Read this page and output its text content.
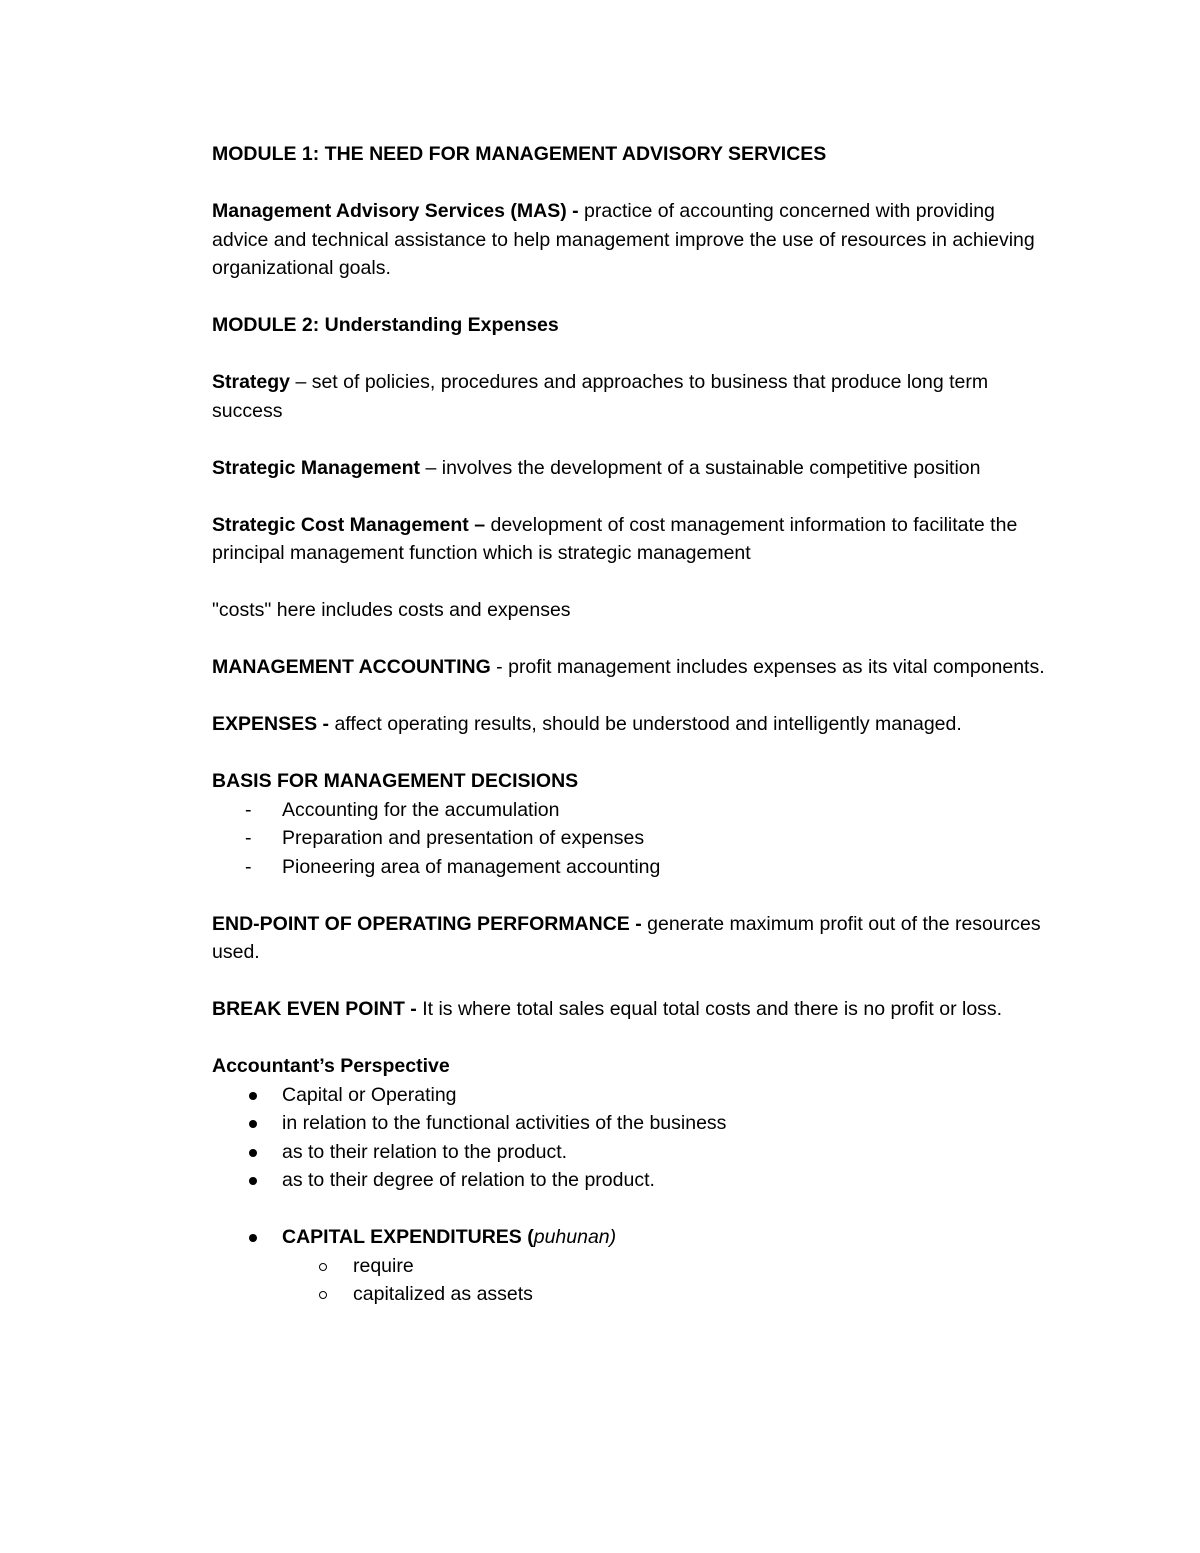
MODULE 1: THE NEED FOR MANAGEMENT ADVISORY SERVICES

Management Advisory Services (MAS) - practice of accounting concerned with providing advice and technical assistance to help management improve the use of resources in achieving organizational goals.

MODULE 2: Understanding Expenses

Strategy – set of policies, procedures and approaches to business that produce long term success

Strategic Management – involves the development of a sustainable competitive position

Strategic Cost Management – development of cost management information to facilitate the principal management function which is strategic management

"costs" here includes costs and expenses

MANAGEMENT ACCOUNTING - profit management includes expenses as its vital components.

EXPENSES - affect operating results, should be understood and intelligently managed.

BASIS FOR MANAGEMENT DECISIONS

- Accounting for the accumulation
- Preparation and presentation of expenses
- Pioneering area of management accounting

END-POINT OF OPERATING PERFORMANCE - generate maximum profit out of the resources used.

BREAK EVEN POINT - It is where total sales equal total costs and there is no profit or loss.

Accountant’s Perspective

Capital or Operating
in relation to the functional activities of the business
as to their relation to the product.
as to their degree of relation to the product.
CAPITAL EXPENDITURES (puhunan)
require
capitalized as assets
